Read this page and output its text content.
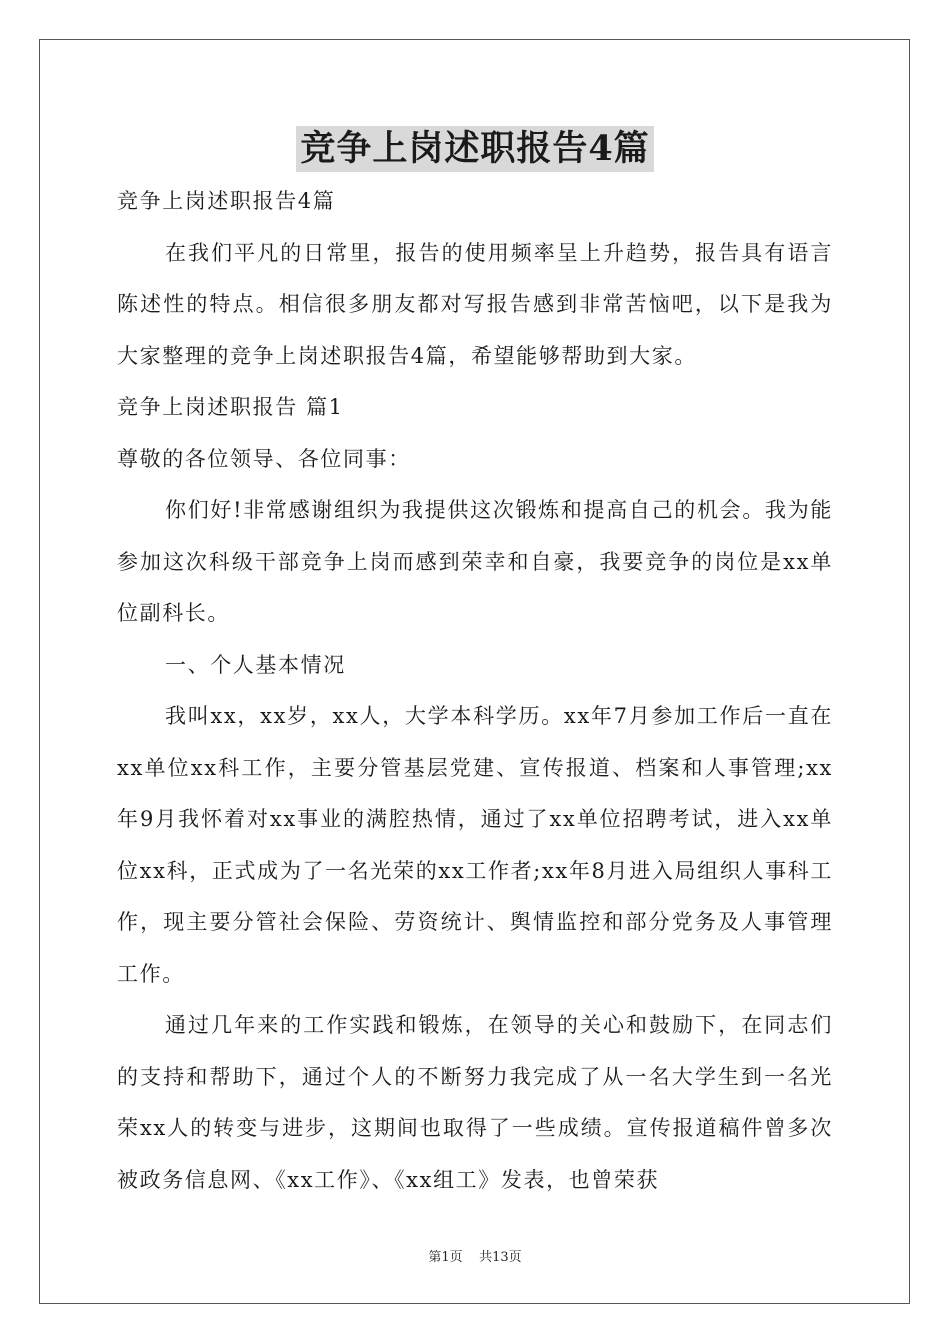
竞争上岗述职报告4篇

竞争上岗述职报告4篇

在我们平凡的日常里，报告的使用频率呈上升趋势，报告具有语言陈述性的特点。相信很多朋友都对写报告感到非常苦恼吧，以下是我为大家整理的竞争上岗述职报告4篇，希望能够帮助到大家。

竞争上岗述职报告 篇1

尊敬的各位领导、各位同事：

你们好!非常感谢组织为我提供这次锻炼和提高自己的机会。我为能参加这次科级干部竞争上岗而感到荣幸和自豪，我要竞争的岗位是xx单位副科长。

一、个人基本情况

我叫xx，xx岁，xx人，大学本科学历。xx年7月参加工作后一直在xx单位xx科工作，主要分管基层党建、宣传报道、档案和人事管理;xx年9月我怀着对xx事业的满腔热情，通过了xx单位招聘考试，进入xx单位xx科，正式成为了一名光荣的xx工作者;xx年8月进入局组织人事科工作，现主要分管社会保险、劳资统计、舆情监控和部分党务及人事管理工作。

通过几年来的工作实践和锻炼，在领导的关心和鼓励下，在同志们的支持和帮助下，通过个人的不断努力我完成了从一名大学生到一名光荣xx人的转变与进步，这期间也取得了一些成绩。宣传报道稿件曾多次被政务信息网、《xx工作》、《xx组工》发表，也曾荣获

第1页    共13页
